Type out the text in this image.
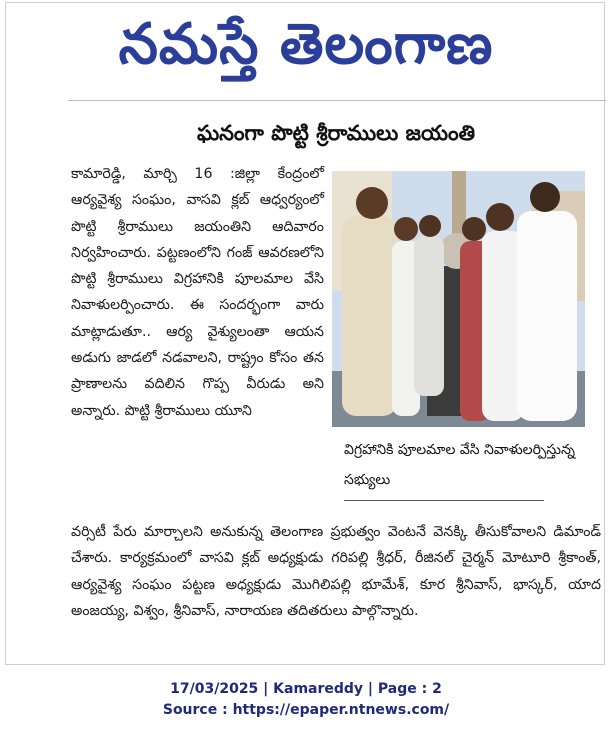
నమస్తే తెలంగాణ
ఘనంగా పొట్టి శ్రీరాములు జయంతి

కామారెడ్డి, మార్చి 16 :జిల్లా కేంద్రంలో ఆర్యవైశ్య సంఘం, వాసవి క్లబ్ ఆధ్వర్యంలో పొట్టి శ్రీరాములు జయంతిని ఆదివారం నిర్వహించారు. పట్టణంలోని గంజ్ ఆవరణలోని పొట్టి శ్రీరాములు విగ్రహానికి పూలమాల వేసి నివాళులర్పించారు. ఈ సందర్భంగా వారు మాట్లాడుతూ.. ఆర్య వైశ్యులంతా ఆయన అడుగు జాడలో నడవాలని, రాష్ట్రం కోసం తన ప్రాణాలను వదిలిన గొప్ప వీరుడు అని అన్నారు. పొట్టి శ్రీరాములు యూని

విగ్రహానికి పూలమాల వేసి నివాళులర్పిస్తున్న సభ్యులు
వర్సిటీ పేరు మార్చాలని అనుకున్న తెలంగాణ ప్రభుత్వం వెంటనే వెనక్కి తీసుకోవాలని డిమాండ్ చేశారు. కార్యక్రమంలో వాసవి క్లబ్ అధ్యక్షుడు గరిపల్లి శ్రీధర్, రీజినల్ చైర్మన్ మోటూరి శ్రీకాంత్, ఆర్యవైశ్య సంఘం పట్టణ అధ్యక్షుడు మొగిలిపల్లి భూమేశ్, కూర శ్రీనివాస్, భాస్కర్, యాద అంజయ్య, విశ్వం, శ్రీనివాస్, నారాయణ తదితరులు పాల్గొన్నారు.
17/03/2025 | Kamareddy | Page : 2
Source : https://epaper.ntnews.com/
